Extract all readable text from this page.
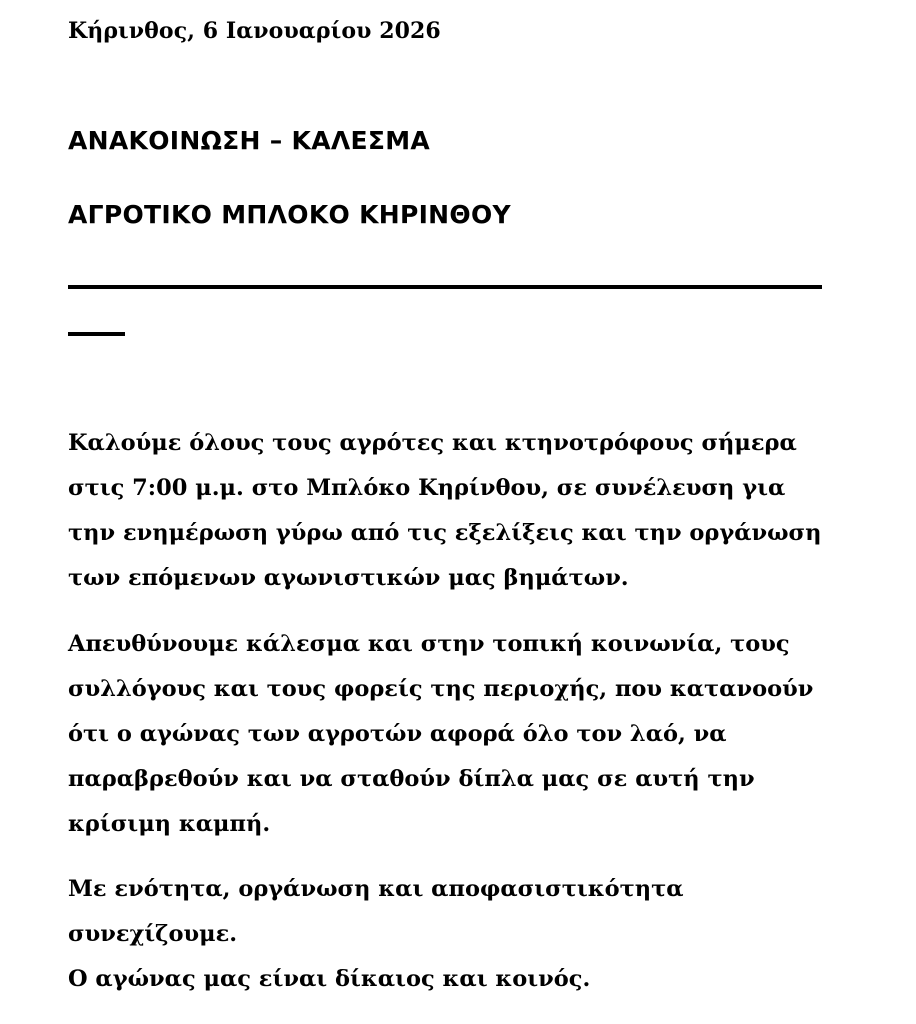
Κήρινθος, 6 Ιανουαρίου 2026
ΑΝΑΚΟΙΝΩΣΗ – ΚΑΛΕΣΜΑ
ΑΓΡΟΤΙΚΟ ΜΠΛΟΚΟ ΚΗΡΙΝΘΟΥ
Καλούμε όλους τους αγρότες και κτηνοτρόφους σήμερα
στις 7:00 μ.μ. στο Μπλόκο Κηρίνθου, σε συνέλευση για
την ενημέρωση γύρω από τις εξελίξεις και την οργάνωση
των επόμενων αγωνιστικών μας βημάτων.
Απευθύνουμε κάλεσμα και στην τοπική κοινωνία, τους
συλλόγους και τους φορείς της περιοχής, που κατανοούν
ότι ο αγώνας των αγροτών αφορά όλο τον λαό, να
παραβρεθούν και να σταθούν δίπλα μας σε αυτή την
κρίσιμη καμπή.
Με ενότητα, οργάνωση και αποφασιστικότητα
συνεχίζουμε.
Ο αγώνας μας είναι δίκαιος και κοινός.
